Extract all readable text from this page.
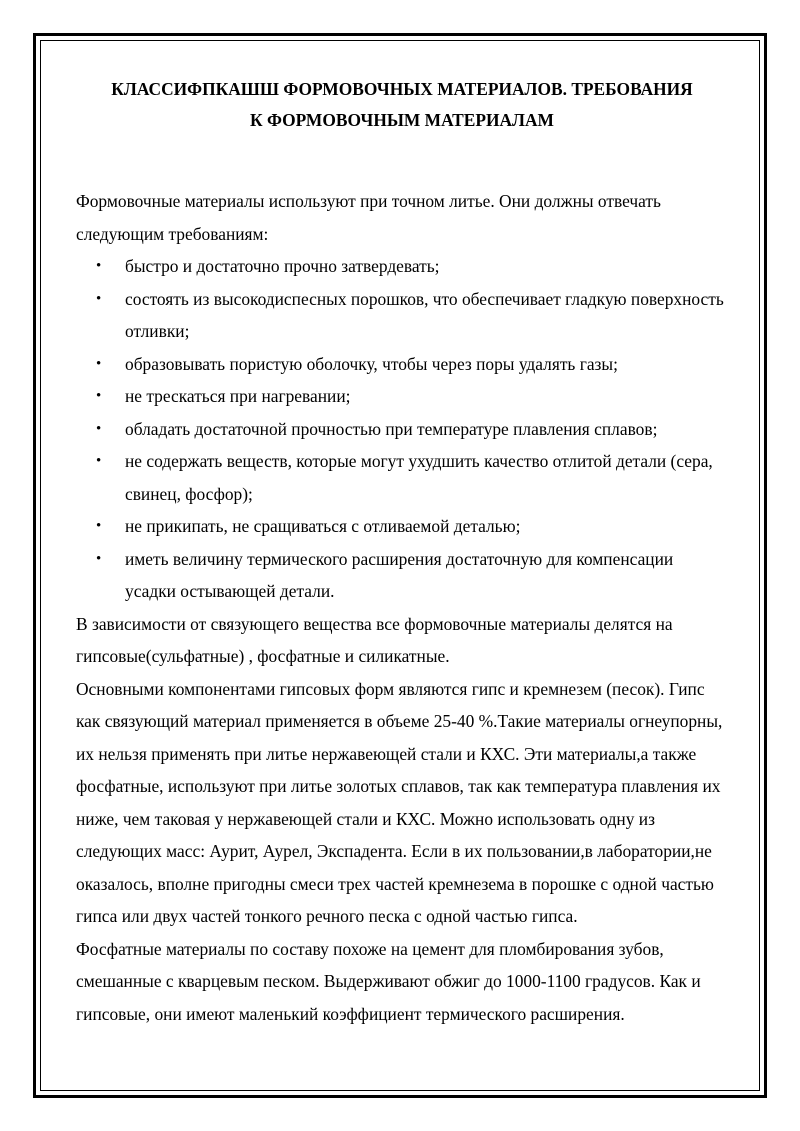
КЛАССИФПКАШШ ФОРМОВОЧНЫХ МАТЕРИАЛОВ. ТРЕБОВАНИЯ
К ФОРМОВОЧНЫМ МАТЕРИАЛАМ

Формовочные материалы используют при точном литье. Они должны отвечать следующим требованиям:

• быстро и достаточно прочно затвердевать;
• состоять из высокодиспесных порошков, что обеспечивает гладкую поверхность отливки;
• образовывать пористую оболочку, чтобы через поры удалять газы;
• не трескаться при нагревании;
• обладать достаточной прочностью при температуре плавления сплавов;
• не содержать веществ, которые могут ухудшить качество отлитой детали (сера, свинец, фосфор);
• не прикипать, не сращиваться с отливаемой деталью;
• иметь величину термического расширения достаточную для компенсации усадки остывающей детали.

В зависимости от связующего вещества все формовочные материалы делятся на гипсовые(сульфатные) , фосфатные и силикатные.

Основными компонентами гипсовых форм являются гипс и кремнезем (песок). Гипс как связующий материал применяется в объеме 25-40 %.Такие материалы огнеупорны, их нельзя применять при литье нержавеющей стали и КХС. Эти материалы,а также фосфатные, используют при литье золотых сплавов, так как температура плавления их ниже, чем таковая у нержавеющей стали и КХС. Можно использовать одну из следующих масс: Аурит, Аурел, Экспадента. Если в их пользовании,в лаборатории,не оказалось, вполне пригодны смеси трех частей кремнезема в порошке с одной частью гипса или двух частей тонкого речного песка с одной частью гипса.

Фосфатные материалы по составу похоже на цемент для пломбирования зубов, смешанные с кварцевым песком. Выдерживают обжиг до 1000-1100 градусов. Как и гипсовые, они имеют маленький коэффициент термического расширения.
